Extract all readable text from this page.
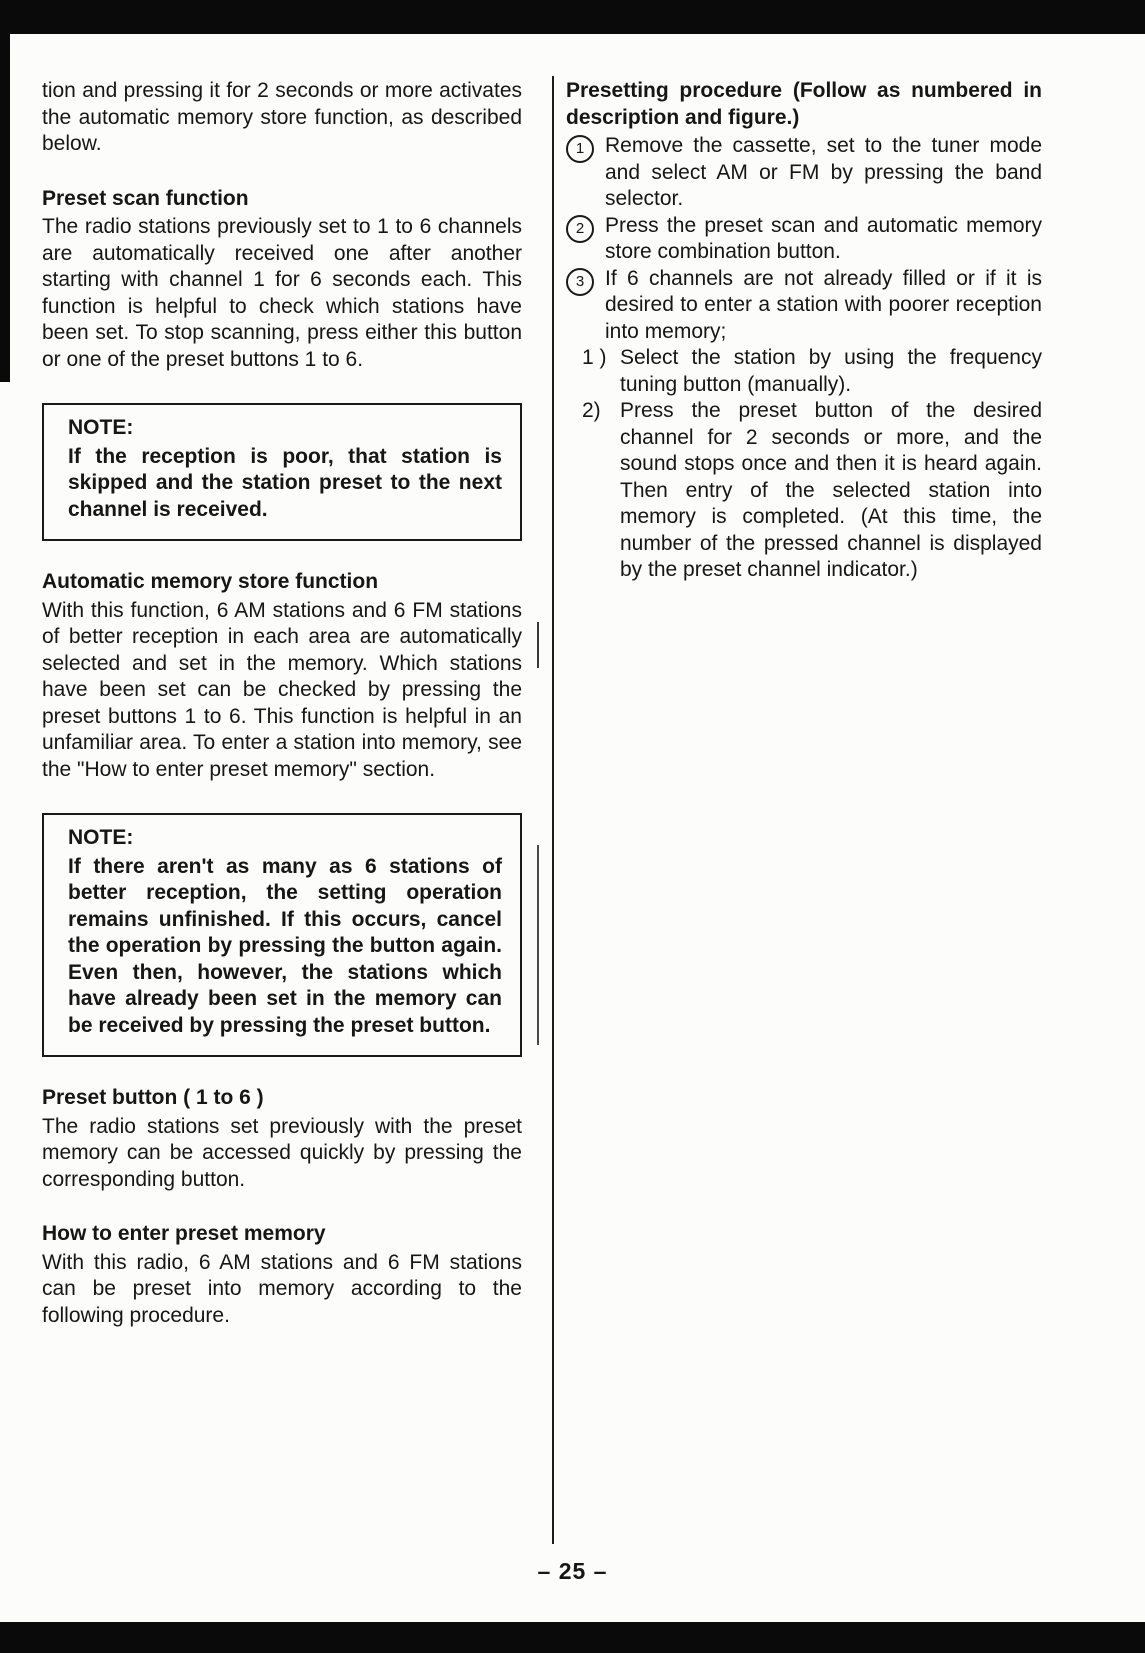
tion and pressing it for 2 seconds or more activates the automatic memory store function, as described below.

Preset scan function

The radio stations previously set to 1 to 6 channels are automatically received one after another starting with channel 1 for 6 seconds each. This function is helpful to check which stations have been set. To stop scanning, press either this button or one of the preset buttons 1 to 6.

NOTE:
If the reception is poor, that station is skipped and the station preset to the next channel is received.
Automatic memory store function

With this function, 6 AM stations and 6 FM stations of better reception in each area are automatically selected and set in the memory. Which stations have been set can be checked by pressing the preset buttons 1 to 6. This function is helpful in an unfamiliar area. To enter a station into memory, see the "How to enter preset memory" section.

NOTE:
If there aren't as many as 6 stations of better reception, the setting operation remains unfinished. If this occurs, cancel the operation by pressing the button again. Even then, however, the stations which have already been set in the memory can be received by pressing the preset button.
Preset button ( 1 to 6 )

The radio stations set previously with the preset memory can be accessed quickly by pressing the corresponding button.

How to enter preset memory

With this radio, 6 AM stations and 6 FM stations can be preset into memory according to the following procedure.

Presetting procedure (Follow as numbered in description and figure.)
1 Remove the cassette, set to the tuner mode and select AM or FM by pressing the band selector.
2 Press the preset scan and automatic memory store combination button.
3 If 6 channels are not already filled or if it is desired to enter a station with poorer reception into memory;
1 ) Select the station by using the frequency tuning button (manually).
2) Press the preset button of the desired channel for 2 seconds or more, and the sound stops once and then it is heard again. Then entry of the selected station into memory is completed. (At this time, the number of the pressed channel is displayed by the preset channel indicator.)
– 25 –
